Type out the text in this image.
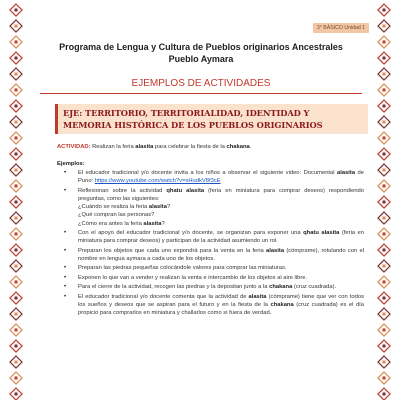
3° BÁSICO Unidad 1
Programa de Lengua y Cultura de Pueblos originarios Ancestrales
Pueblo Aymara
EJEMPLOS DE ACTIVIDADES
EJE: TERRITORIO, TERRITORIALIDAD, IDENTIDAD Y
MEMORIA HISTÓRICA DE LOS PUEBLOS ORIGINARIOS
ACTIVIDAD: Realizan la feria alasita para celebrar la fiesta de la chakana.
Ejemplos:
• El educador tradicional y/o docente invita a los niños a observar el siguiente video: Documental alasita de Puno: https://www.youtube.com/watch?v=xHudkV8f3cE
• Reflexionan sobre la actividad qhatu alasita (feria en miniatura para comprar deseos) respondiendo preguntas, como las siguientes:
¿Cuándo se realiza la feria alasita?
¿Qué compran las personas?
¿Cómo era antes la feria alasita?
• Con el apoyo del educador tradicional y/o docente, se organizan para exponer una qhatu alasita (feria en miniatura para comprar deseos) y participan de la actividad asumiendo un rol.
• Preparan los objetos que cada uno expondrá para la venta en la feria alasita (cómprame), rotulando con el nombre en lengua aymara a cada uno de los objetos.
• Preparan las piedras pequeñas colocándole valores para comprar las miniaturas.
• Exponen lo que van a vender y realizan la venta e intercambio de los objetos al aire libre.
• Para el cierre de la actividad, recogen las piedras y la depositan junto a la chakana (cruz cuadrada).
• El educador tradicional y/o docente comenta que la actividad de alasita (cómprame) tiene que ver con todos los sueños y deseos que se aspiran para el futuro y en la fiesta de la chakana (cruz cuadrada) es el día propicio para comprarlos en miniatura y challarlos como si fuera de verdad.
